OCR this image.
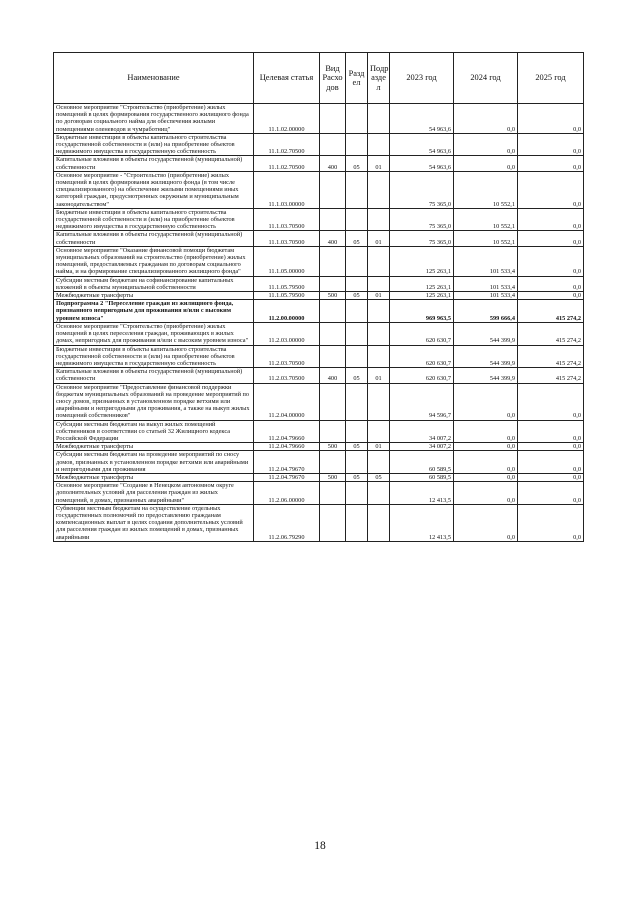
Наименование	Целевая статья	Вид Расхо дов	Разд ел	Подр азде л	2023 год	2024 год	2025 год
Основное мероприятие "Строительство (приобретение) жилых помещений в целях формирования государственного жилищного фонда по договорам социального найма для обеспечения жилыми помещениями оленеводов и чумработниц"	11.1.02.00000				54 963,6	0,0	0,0
Бюджетные инвестиции в объекты капитального строительства государственной собственности и (или) на приобретение объектов недвижимого имущества в государственную собственность	11.1.02.70500				54 963,6	0,0	0,0
Капитальные вложения в объекты государственной (муниципальной) собственности	11.1.02.70500	400	05	01	54 963,6	0,0	0,0
Основное мероприятие - "Строительство (приобретение) жилых помещений в целях формирования жилищного фонда (в том числе специализированного) на обеспечение жилыми помещениями иных категорий граждан, предусмотренных окружным и муниципальным законодательством"	11.1.03.00000				75 365,0	10 552,1	0,0
Бюджетные инвестиции в объекты капитального строительства государственной собственности и (или) на приобретение объектов недвижимого имущества в государственную собственность	11.1.03.70500				75 365,0	10 552,1	0,0
Капитальные вложения в объекты государственной (муниципальной) собственности	11.1.03.70500	400	05	01	75 365,0	10 552,1	0,0
Основное мероприятие "Оказание финансовой помощи бюджетам муниципальных образований на строительство (приобретение) жилых помещений, предоставляемых гражданам по договорам социального найма, и на формирование специализированного жилищного фонда"	11.1.05.00000				125 263,1	101 533,4	0,0
Субсидии местным бюджетам на софинансирование капитальных вложений в объекты муниципальной собственности	11.1.05.79500				125 263,1	101 533,4	0,0
Межбюджетные трансферты	11.1.05.79500	500	05	01	125 263,1	101 533,4	0,0
Подпрограмма 2 "Переселение граждан из жилищного фонда, признанного непригодным для проживания и/или с высоким уровнем износа"	11.2.00.00000				969 963,5	599 666,4	415 274,2
Основное мероприятие "Строительство (приобретение) жилых помещений в целях переселения граждан, проживающих в жилых домах, непригодных для проживания и/или с высоким уровнем износа"	11.2.03.00000				620 630,7	544 399,9	415 274,2
Бюджетные инвестиции в объекты капитального строительства государственной собственности и (или) на приобретение объектов недвижимого имущества в государственную собственность	11.2.03.70500				620 630,7	544 399,9	415 274,2
Капитальные вложения в объекты государственной (муниципальной) собственности	11.2.03.70500	400	05	01	620 630,7	544 399,9	415 274,2
Основное мероприятие "Предоставление финансовой поддержки бюджетам муниципальных образований на проведение мероприятий по сносу домов, признанных в установленном порядке ветхими или аварийными и непригодными для проживания, а также на выкуп жилых помещений собственников"	11.2.04.00000				94 596,7	0,0	0,0
Субсидии местным бюджетам на выкуп жилых помещений собственников в соответствии со статьей 32 Жилищного кодекса Российской Федерации	11.2.04.79660				34 007,2	0,0	0,0
Межбюджетные трансферты	11.2.04.79660	500	05	01	34 007,2	0,0	0,0
Субсидии местным бюджетам на проведение мероприятий по сносу домов, признанных в установленном порядке ветхими или аварийными и непригодными для проживания	11.2.04.79670				60 589,5	0,0	0,0
Межбюджетные трансферты	11.2.04.79670	500	05	05	60 589,5	0,0	0,0
Основное мероприятие "Создание в Ненецком автономном округе дополнительных условий для расселения граждан из жилых помещений, в домах, признанных аварийными"	11.2.06.00000				12 413,5	0,0	0,0
Субвенции местным бюджетам на осуществление отдельных государственных полномочий по предоставлению гражданам компенсационных выплат в целях создания дополнительных условий для расселения граждан из жилых помещений в домах, признанных аварийными	11.2.06.79290				12 413,5	0,0	0,0
18
